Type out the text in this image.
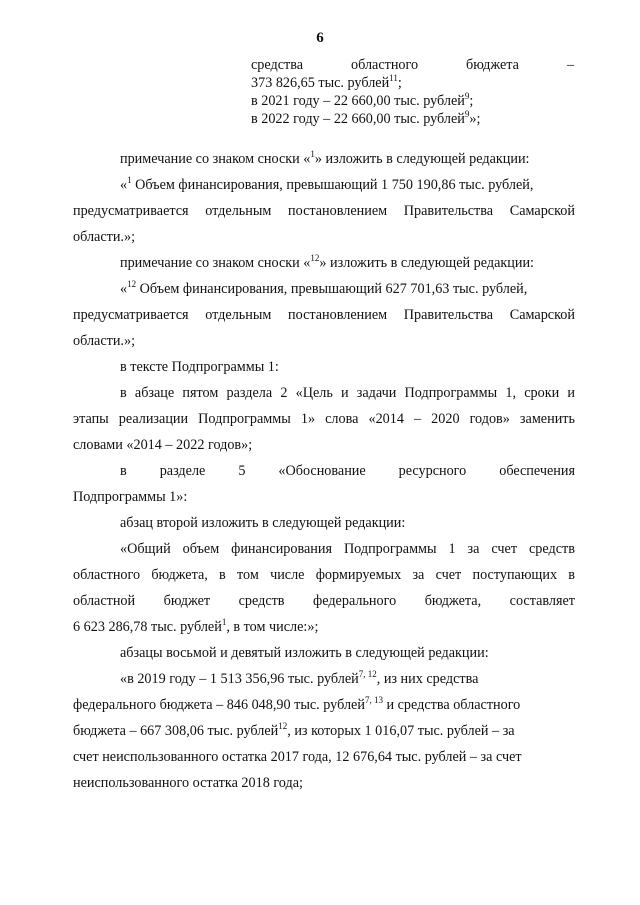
6
средства	областного	бюджета	–
373 826,65 тыс. рублей$^{11}$;
в 2021 году – 22 660,00 тыс. рублей$^9$;
в 2022 году – 22 660,00 тыс. рублей$^9$»;
примечание со знаком сноски «$^1$» изложить в следующей редакции:
«$^1$ Объем финансирования, превышающий 1 750 190,86 тыс. рублей,
предусматривается отдельным постановлением Правительства Самарской
области.»;
примечание со знаком сноски «$^{12}$» изложить в следующей редакции:
«$^{12}$ Объем финансирования, превышающий 627 701,63 тыс. рублей,
предусматривается отдельным постановлением Правительства Самарской
области.»;
в тексте Подпрограммы 1:
в абзаце пятом раздела 2 «Цель и задачи Подпрограммы 1, сроки и
этапы реализации Подпрограммы 1» слова «2014 – 2020 годов» заменить
словами «2014 – 2022 годов»;
в разделе 5 «Обоснование ресурсного обеспечения
Подпрограммы 1»:
абзац второй изложить в следующей редакции:
«Общий объем финансирования Подпрограммы 1 за счет средств
областного бюджета, в том числе формируемых за счет поступающих в
областной бюджет средств федерального бюджета, составляет
6 623 286,78 тыс. рублей$^1$, в том числе:»;
абзацы восьмой и девятый изложить в следующей редакции:
«в 2019 году – 1 513 356,96 тыс. рублей$^{7, 12}$, из них средства
федерального бюджета – 846 048,90 тыс. рублей$^{7, 13}$ и средства областного
бюджета – 667 308,06 тыс. рублей$^{12}$, из которых 1 016,07 тыс. рублей – за
счет неиспользованного остатка 2017 года, 12 676,64 тыс. рублей – за счет
неиспользованного остатка 2018 года;
